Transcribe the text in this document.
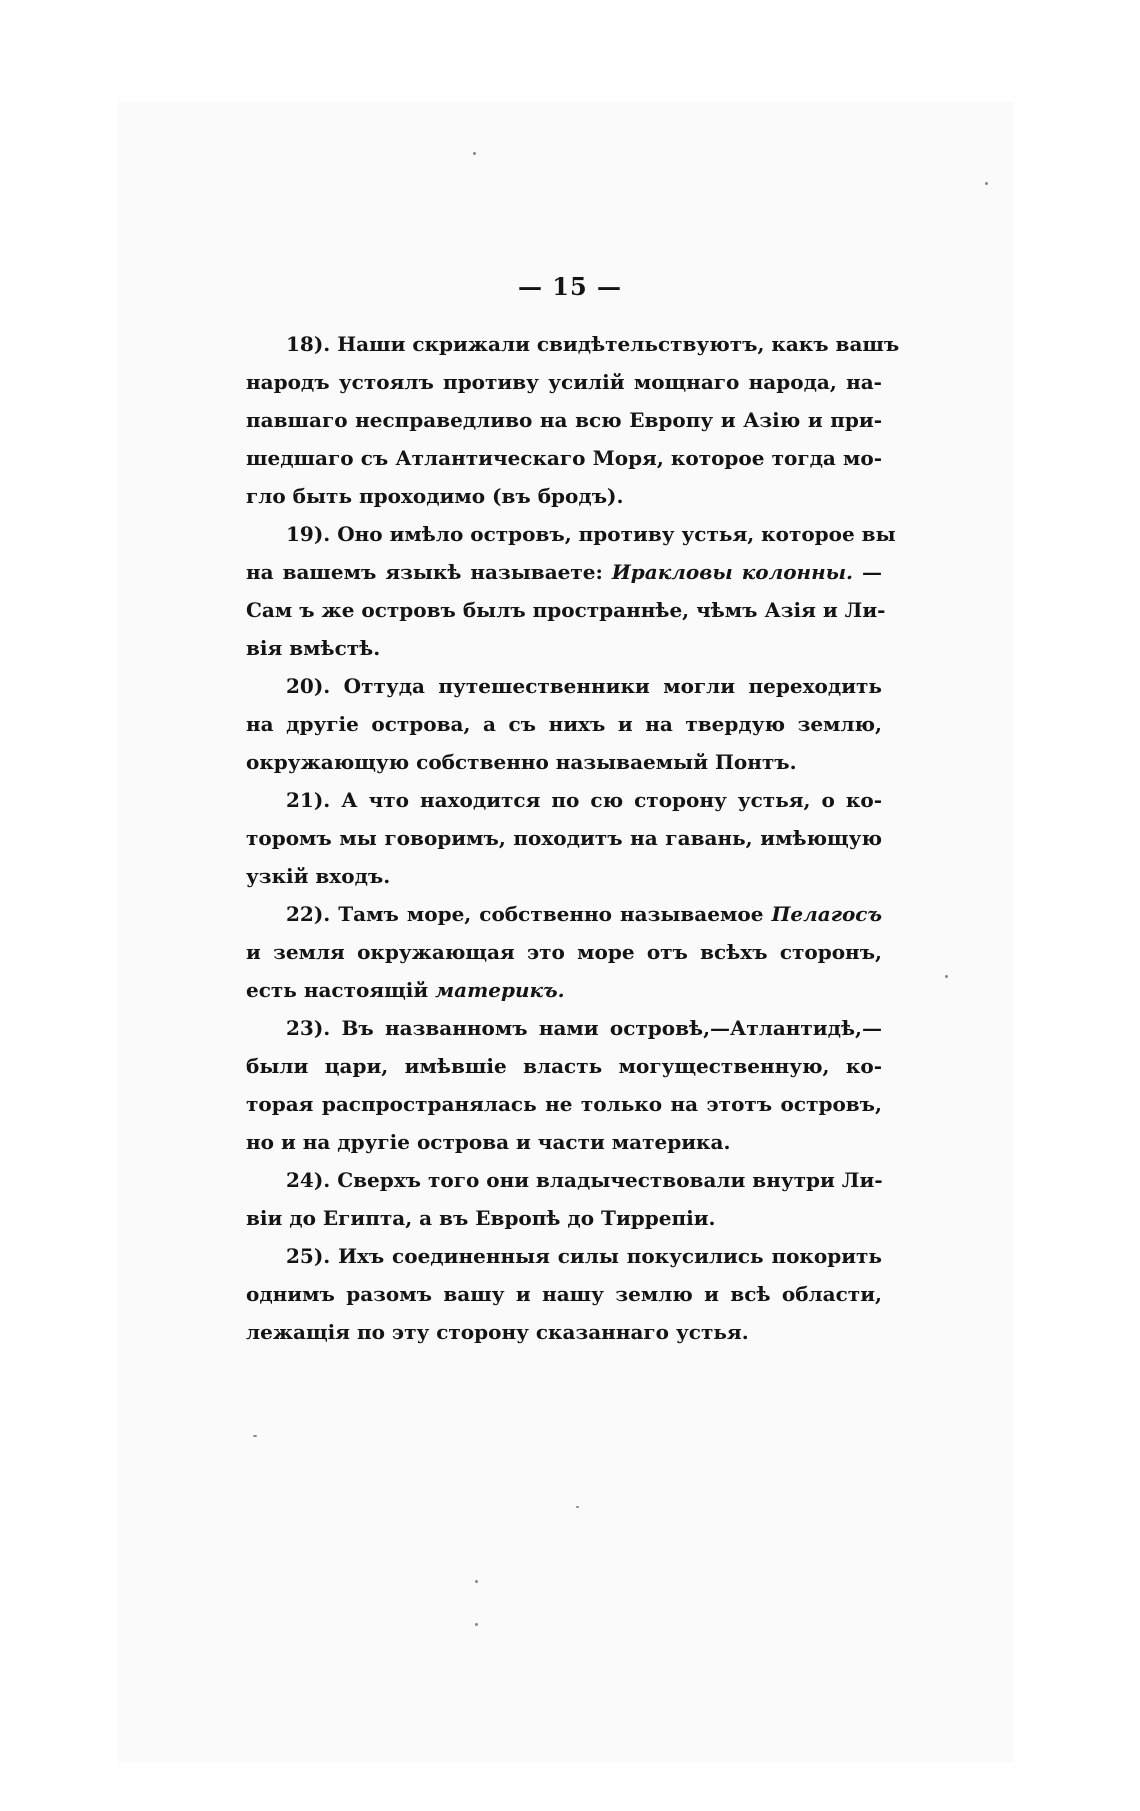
— 15 —
18). Наши скрижали свидѣтельствуютъ, какъ вашъ
народъ устоялъ противу усилій мощнаго народа, на-
павшаго несправедливо на всю Европу и Азію и при-
шедшаго съ Атлантическаго Моря, которое тогда мо-
гло быть проходимо (въ бродъ).
19). Оно имѣло островъ, противу устья, которое вы
на вашемъ языкѣ называете: Иракловы колонны. —
Сам ъ же островъ былъ пространнѣе, чѣмъ Азія и Ли-
вія вмѣстѣ.
20). Оттуда путешественники могли переходить
на другіе острова, а съ нихъ и на твердую землю,
окружающую собственно называемый Понтъ.
21). А что находится по сю сторону устья, о ко-
торомъ мы говоримъ, походитъ на гавань, имѣющую
узкій входъ.
22). Тамъ море, собственно называемое Пелагосъ
и земля окружающая это море отъ всѣхъ сторонъ,
есть настоящій материкъ.
23). Въ названномъ нами островѣ,—Атлантидѣ,—
были цари, имѣвшіе власть могущественную, ко-
торая распространялась не только на этотъ островъ,
но и на другіе острова и части материка.
24). Сверхъ того они владычествовали внутри Ли-
віи до Египта, а въ Европѣ до Тиррепіи.
25). Ихъ соединенныя силы покусились покорить
однимъ разомъ вашу и нашу землю и всѣ области,
лежащія по эту сторону сказаннаго устья.
